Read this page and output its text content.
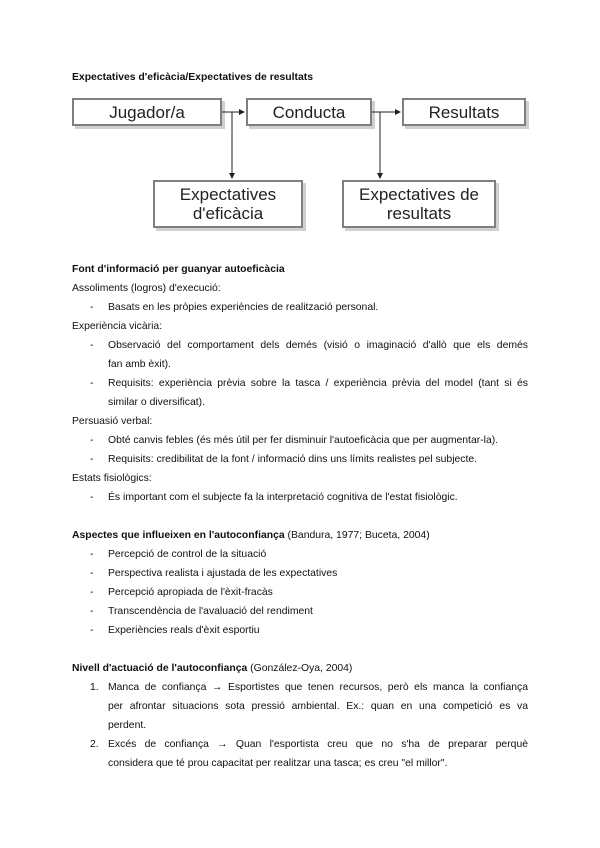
Expectatives d'eficàcia/Expectatives de resultats
Jugador/a	Conducta	Resultats
Expectatives
d'eficàcia
Expectatives de
resultats
Font d'informació per guanyar autoeficàcia
Assoliments (logros) d'execució:
-	Basats en les pròpies experiències de realització personal.
Experiència vicària:
-	Observació del comportament dels demés (visió o imaginació d'allò que els demés
fan amb èxit).
-	Requisits: experiència prèvia sobre la tasca / experiència prèvia del model (tant si és
similar o diversificat).
Persuasió verbal:
-	Obté canvis febles (és més útil per fer disminuir l'autoeficàcia que per augmentar-la).
-	Requisits: credibilitat de la font / informació dins uns límits realistes pel subjecte.
Estats fisiològics:
-	És important com el subjecte fa la interpretació cognitiva de l'estat fisiològic.
Aspectes que influeixen en l'autoconfiança (Bandura, 1977; Buceta, 2004)
-	Percepció de control de la situació
-	Perspectiva realista i ajustada de les expectatives
-	Percepció apropiada de l'èxit-fracàs
-	Transcendència de l'avaluació del rendiment
-	Experiències reals d'èxit esportiu
Nivell d'actuació de l'autoconfiança (González-Oya, 2004)
1. Manca de confiança → Esportistes que tenen recursos, però els manca la confiança
per afrontar situacions sota pressió ambiental. Ex.: quan en una competició es va
perdent.
2. Excés de confiança → Quan l'esportista creu que no s'ha de preparar perquè
considera que té prou capacitat per realitzar una tasca; es creu "el millor".
